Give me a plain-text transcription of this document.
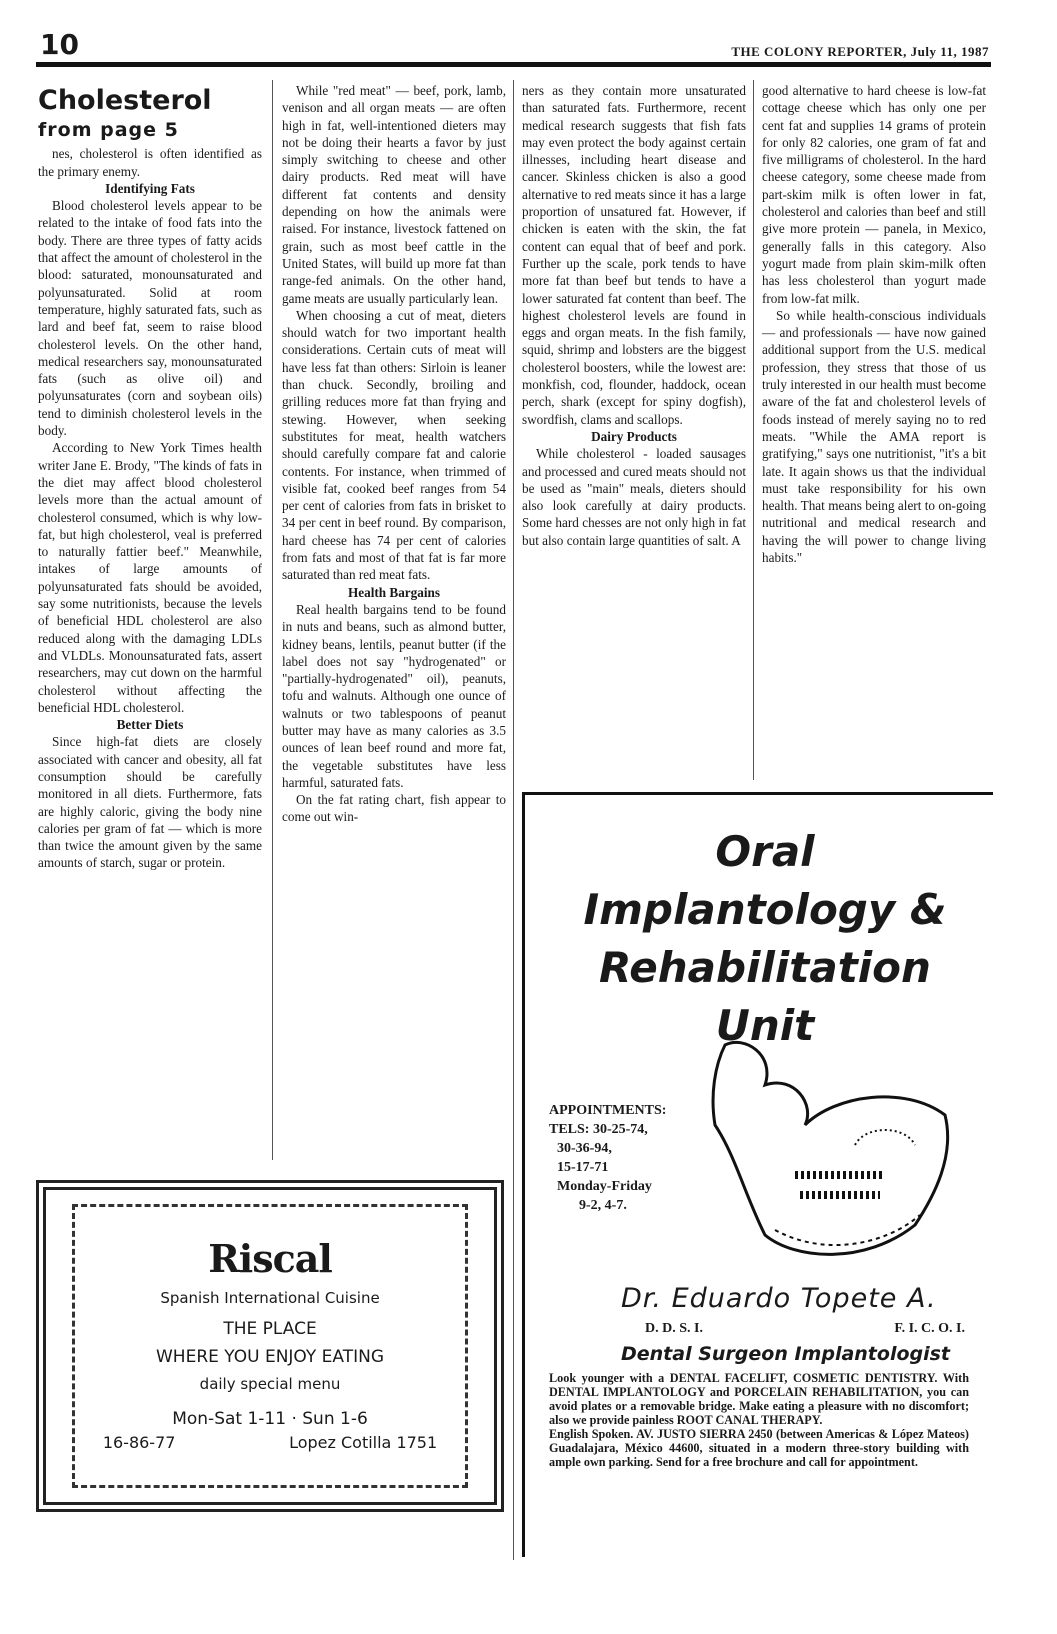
10	THE COLONY REPORTER, July 11, 1987
Cholesterol
from page 5

nes, cholesterol is often identified as the primary enemy.

Identifying Fats

Blood cholesterol levels appear to be related to the intake of food fats into the body. There are three types of fatty acids that affect the amount of cholesterol in the blood: saturated, monounsaturated and polyunsaturated. Solid at room temperature, highly saturated fats, such as lard and beef fat, seem to raise blood cholesterol levels. On the other hand, medical researchers say, monounsaturated fats (such as olive oil) and polyunsaturates (corn and soybean oils) tend to diminish cholesterol levels in the body.

According to New York Times health writer Jane E. Brody, "The kinds of fats in the diet may affect blood cholesterol levels more than the actual amount of cholesterol consumed, which is why low-fat, but high cholesterol, veal is preferred to naturally fattier beef." Meanwhile, intakes of large amounts of polyunsaturated fats should be avoided, say some nutritionists, because the levels of beneficial HDL cholesterol are also reduced along with the damaging LDLs and VLDLs. Monounsaturated fats, assert researchers, may cut down on the harmful cholesterol without affecting the beneficial HDL cholesterol.

Better Diets

Since high-fat diets are closely associated with cancer and obesity, all fat consumption should be carefully monitored in all diets. Furthermore, fats are highly caloric, giving the body nine calories per gram of fat — which is more than twice the amount given by the same amounts of starch, sugar or protein.

While "red meat" — beef, pork, lamb, venison and all organ meats — are often high in fat, well-intentioned dieters may not be doing their hearts a favor by just simply switching to cheese and other dairy products. Red meat will have different fat contents and density depending on how the animals were raised. For instance, livestock fattened on grain, such as most beef cattle in the United States, will build up more fat than range-fed animals. On the other hand, game meats are usually particularly lean.

When choosing a cut of meat, dieters should watch for two important health considerations. Certain cuts of meat will have less fat than others: Sirloin is leaner than chuck. Secondly, broiling and grilling reduces more fat than frying and stewing. However, when seeking substitutes for meat, health watchers should carefully compare fat and calorie contents. For instance, when trimmed of visible fat, cooked beef ranges from 54 per cent of calories from fats in brisket to 34 per cent in beef round. By comparison, hard cheese has 74 per cent of calories from fats and most of that fat is far more saturated than red meat fats.

Health Bargains

Real health bargains tend to be found in nuts and beans, such as almond butter, kidney beans, lentils, peanut butter (if the label does not say "hydrogenated" or "partially-hydrogenated" oil), peanuts, tofu and walnuts. Although one ounce of walnuts or two tablespoons of peanut butter may have as many calories as 3.5 ounces of lean beef round and more fat, the vegetable substitutes have less harmful, saturated fats.

On the fat rating chart, fish appear to come out win-

ners as they contain more unsaturated than saturated fats. Furthermore, recent medical research suggests that fish fats may even protect the body against certain illnesses, including heart disease and cancer. Skinless chicken is also a good alternative to red meats since it has a large proportion of unsatured fat. However, if chicken is eaten with the skin, the fat content can equal that of beef and pork. Further up the scale, pork tends to have more fat than beef but tends to have a lower saturated fat content than beef. The highest cholesterol levels are found in eggs and organ meats. In the fish family, squid, shrimp and lobsters are the biggest cholesterol boosters, while the lowest are: monkfish, cod, flounder, haddock, ocean perch, shark (except for spiny dogfish), swordfish, clams and scallops.

Dairy Products

While cholesterol - loaded sausages and processed and cured meats should not be used as "main" meals, dieters should also look carefully at dairy products. Some hard chesses are not only high in fat but also contain large quantities of salt. A

good alternative to hard cheese is low-fat cottage cheese which has only one per cent fat and supplies 14 grams of protein for only 82 calories, one gram of fat and five milligrams of cholesterol. In the hard cheese category, some cheese made from part-skim milk is often lower in fat, cholesterol and calories than beef and still give more protein — panela, in Mexico, generally falls in this category. Also yogurt made from plain skim-milk often has less cholesterol than yogurt made from low-fat milk.

So while health-conscious individuals — and professionals — have now gained additional support from the U.S. medical profession, they stress that those of us truly interested in our health must become aware of the fat and cholesterol levels of foods instead of merely saying no to red meats. "While the AMA report is gratifying," says one nutritionist, "it's a bit late. It again shows us that the individual must take responsibility for his own health. That means being alert to on-going nutritional and medical research and having the will power to change living habits."

Riscal
Spanish International Cuisine
THE PLACE
WHERE YOU ENJOY EATING
daily special menu
Mon-Sat 1-11 · Sun 1-6
16-86-77	Lopez Cotilla 1751
Oral
Implantology &
Rehabilitation
Unit
APPOINTMENTS:
TELS: 30-25-74,
30-36-94,
15-17-71
Monday-Friday
9-2, 4-7.
Dr. Eduardo Topete A.
D. D. S. I.	F. I. C. O. I.
Dental Surgeon Implantologist

Look younger with a DENTAL FACELIFT, COSMETIC DENTISTRY. With DENTAL IMPLANTOLOGY and PORCELAIN REHABILITATION, you can avoid plates or a removable bridge. Make eating a pleasure with no discomfort; also we provide painless ROOT CANAL THERAPY.

English Spoken. AV. JUSTO SIERRA 2450 (between Americas & López Mateos) Guadalajara, México 44600, situated in a modern three-story building with ample own parking. Send for a free brochure and call for appointment.
